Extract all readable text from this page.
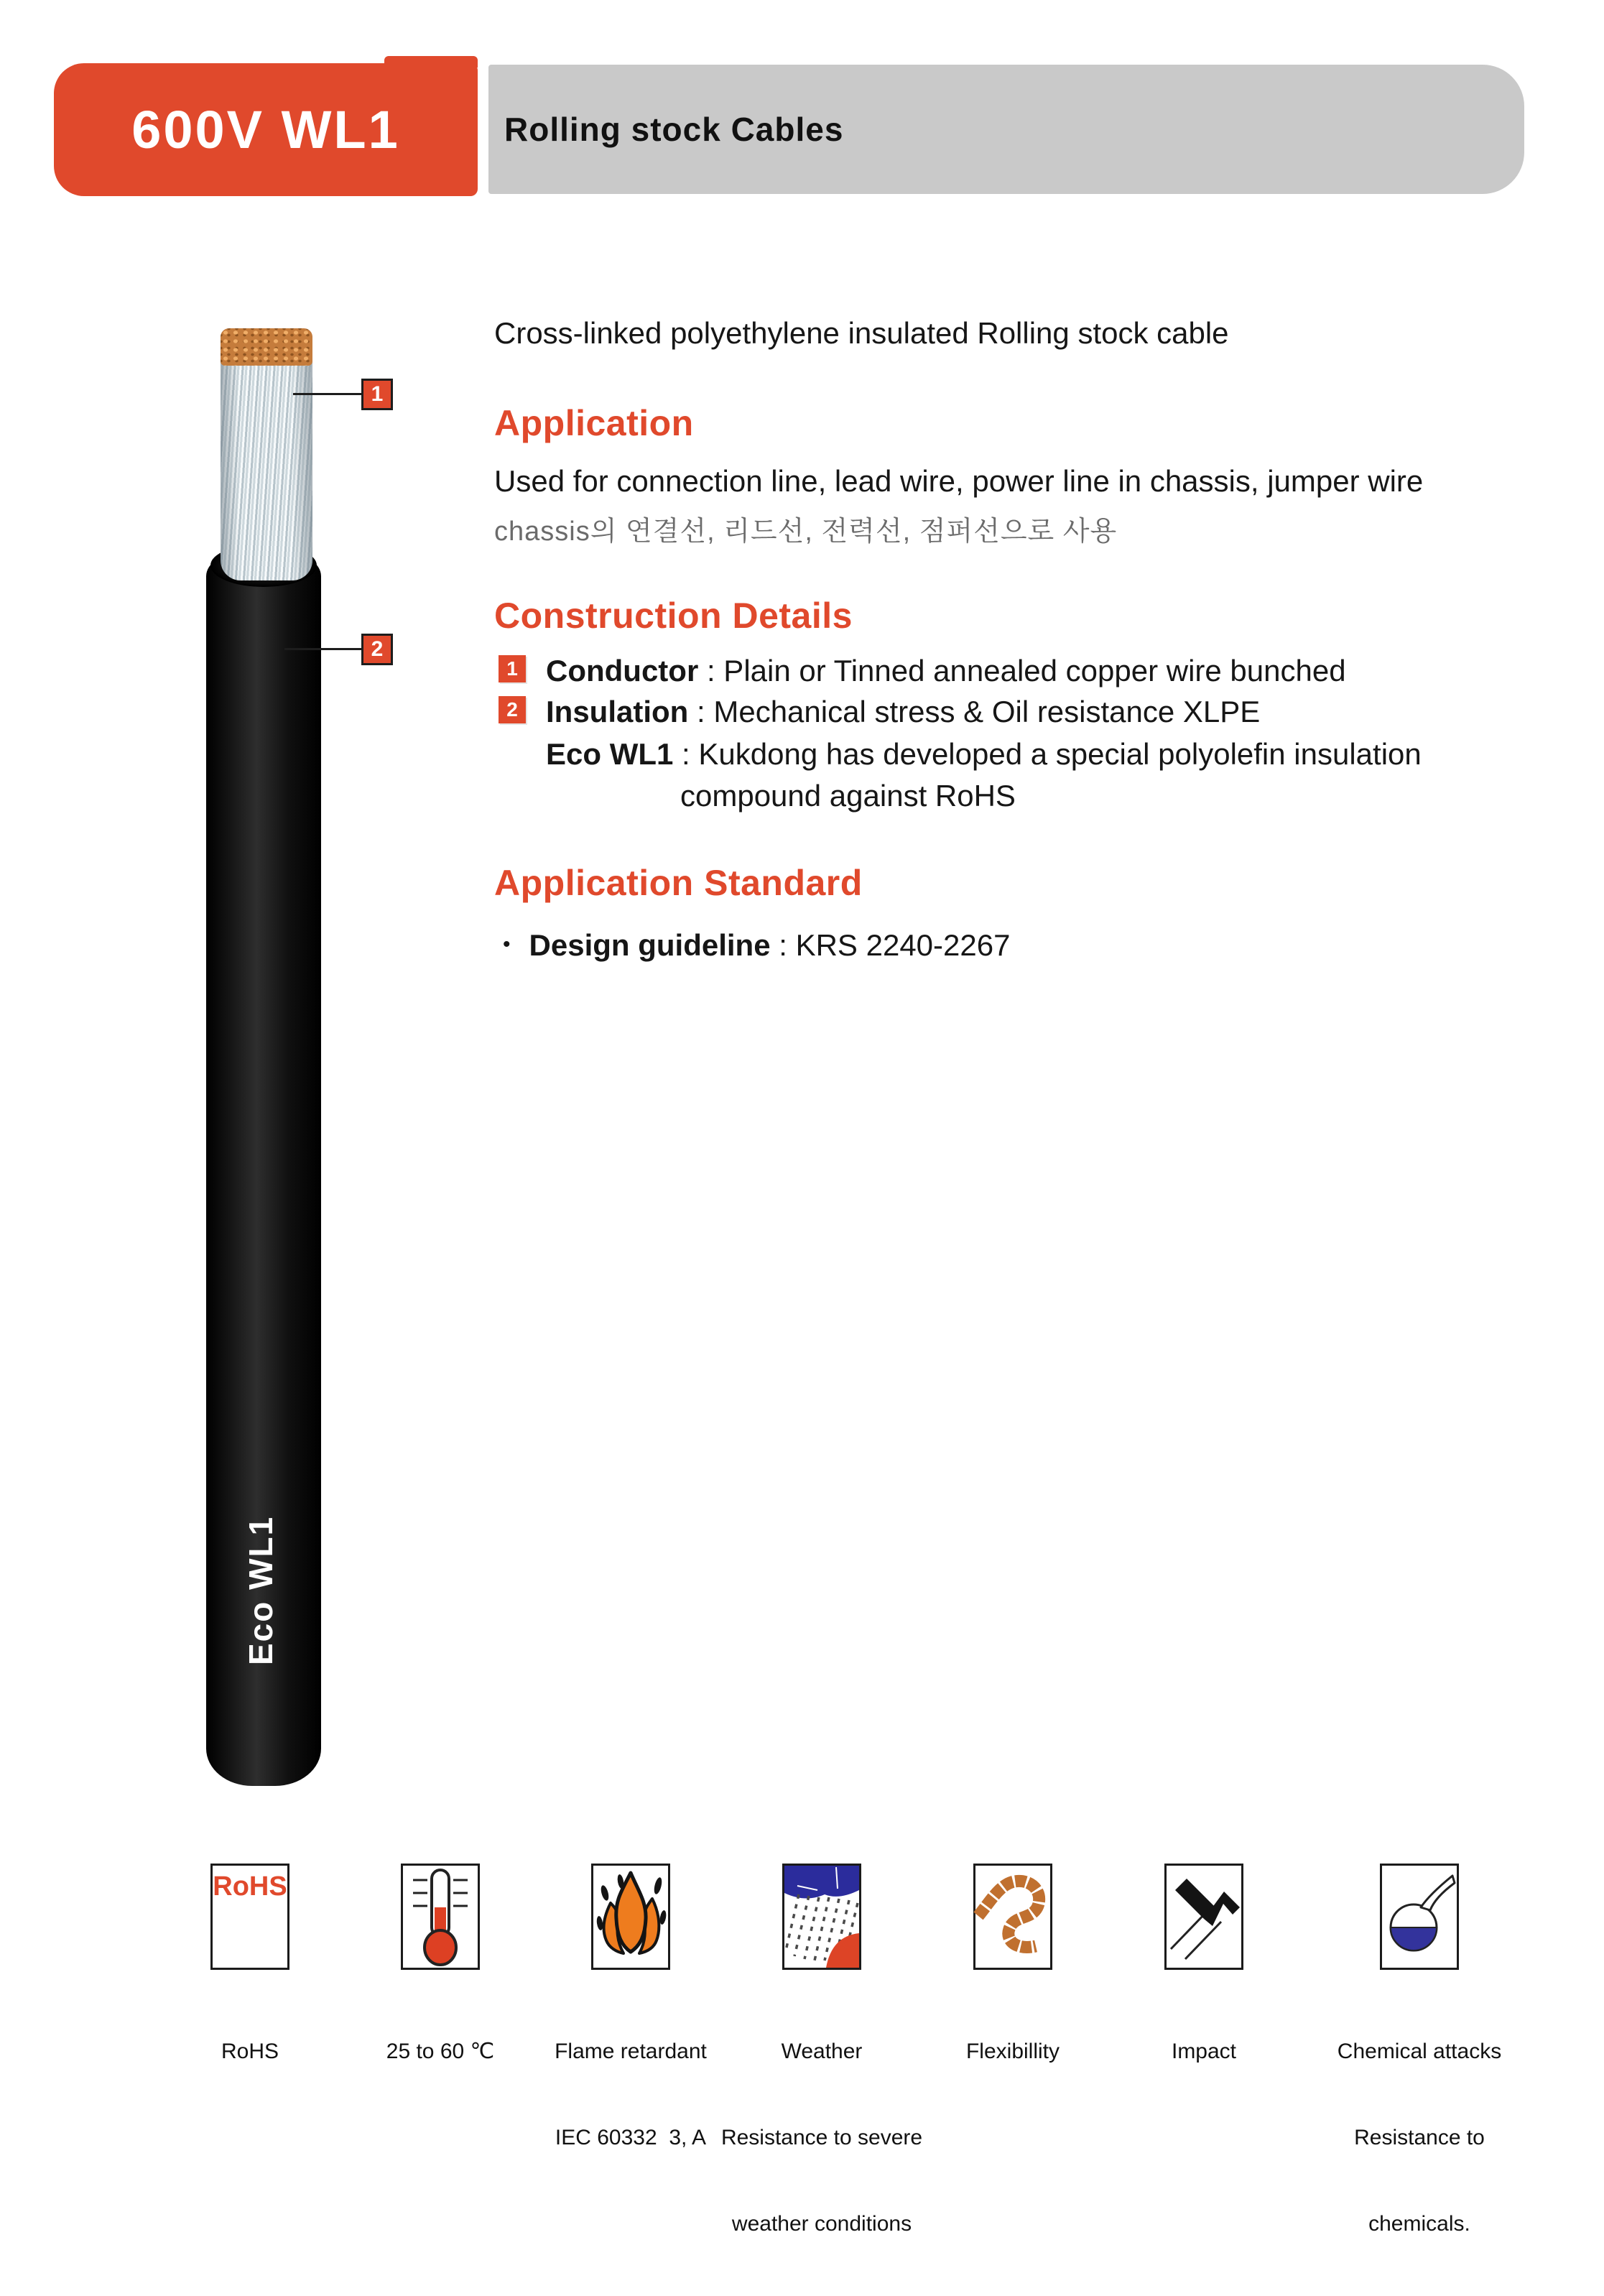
600V WL1	Rolling stock Cables
Eco WL1
1
2

Cross-linked polyethylene insulated Rolling stock cable

Application

Used for connection line, lead wire, power line in chassis, jumper wire

chassis의 연결선, 리드선, 전력선, 점퍼선으로 사용

Construction Details
1 Conductor : Plain or Tinned annealed copper wire bunched

2 Insulation : Mechanical stress & Oil resistance XLPE

Eco WL1 : Kukdong has developed a special polyolefin insulation

compound against RoHS

Application Standard

• Design guideline : KRS 2240-2267

RoHS

RoHS

	25 to 60 ℃

	Flame retardant

IEC 60332  3, A

Weather

Resistance to severe

weather conditions

Flexibillity

	Impact

	Chemical attacks

Resistance to

chemicals.
